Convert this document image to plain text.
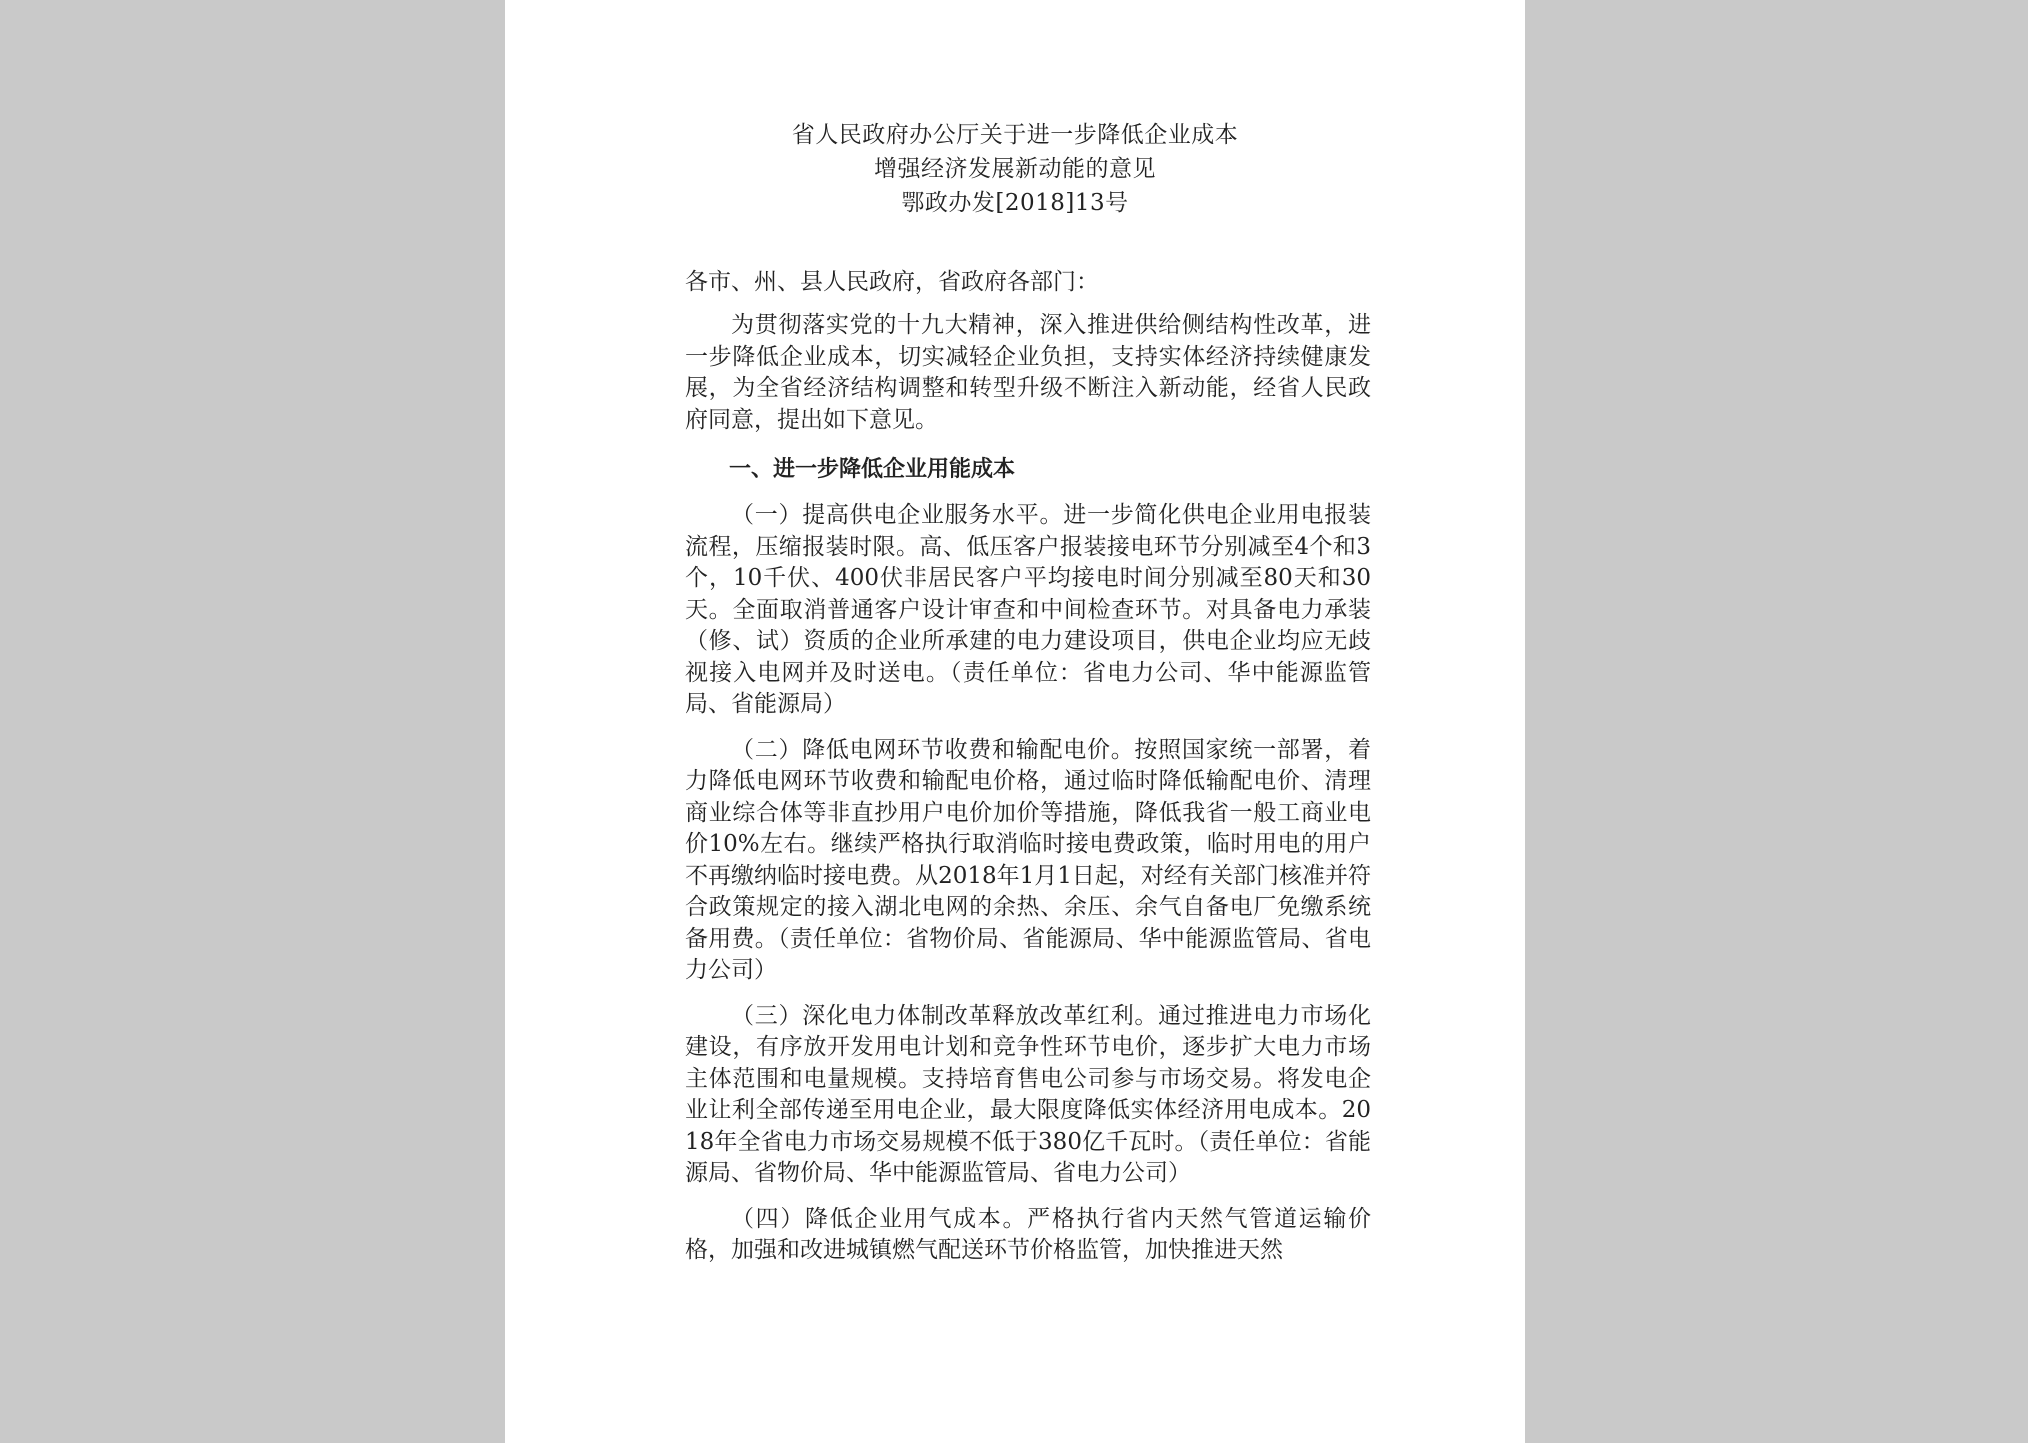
省人民政府办公厅关于进一步降低企业成本

增强经济发展新动能的意见

鄂政办发[2018]13号

各市、州、县人民政府，省政府各部门：

为贯彻落实党的十九大精神，深入推进供给侧结构性改革，进一步降低企业成本，切实减轻企业负担，支持实体经济持续健康发展，为全省经济结构调整和转型升级不断注入新动能，经省人民政府同意，提出如下意见。

一、进一步降低企业用能成本

（一）提高供电企业服务水平。进一步简化供电企业用电报装流程，压缩报装时限。高、低压客户报装接电环节分别减至4个和3个，10千伏、400伏非居民客户平均接电时间分别减至80天和30天。全面取消普通客户设计审查和中间检查环节。对具备电力承装（修、试）资质的企业所承建的电力建设项目，供电企业均应无歧视接入电网并及时送电。（责任单位：省电力公司、华中能源监管局、省能源局）

（二）降低电网环节收费和输配电价。按照国家统一部署，着力降低电网环节收费和输配电价格，通过临时降低输配电价、清理商业综合体等非直抄用户电价加价等措施，降低我省一般工商业电价10%左右。继续严格执行取消临时接电费政策，临时用电的用户不再缴纳临时接电费。从2018年1月1日起，对经有关部门核准并符合政策规定的接入湖北电网的余热、余压、余气自备电厂免缴系统备用费。（责任单位：省物价局、省能源局、华中能源监管局、省电力公司）

（三）深化电力体制改革释放改革红利。通过推进电力市场化建设，有序放开发用电计划和竞争性环节电价，逐步扩大电力市场主体范围和电量规模。支持培育售电公司参与市场交易。将发电企业让利全部传递至用电企业，最大限度降低实体经济用电成本。2018年全省电力市场交易规模不低于380亿千瓦时。（责任单位：省能源局、省物价局、华中能源监管局、省电力公司）

（四）降低企业用气成本。严格执行省内天然气管道运输价格，加强和改进城镇燃气配送环节价格监管，加快推进天然
